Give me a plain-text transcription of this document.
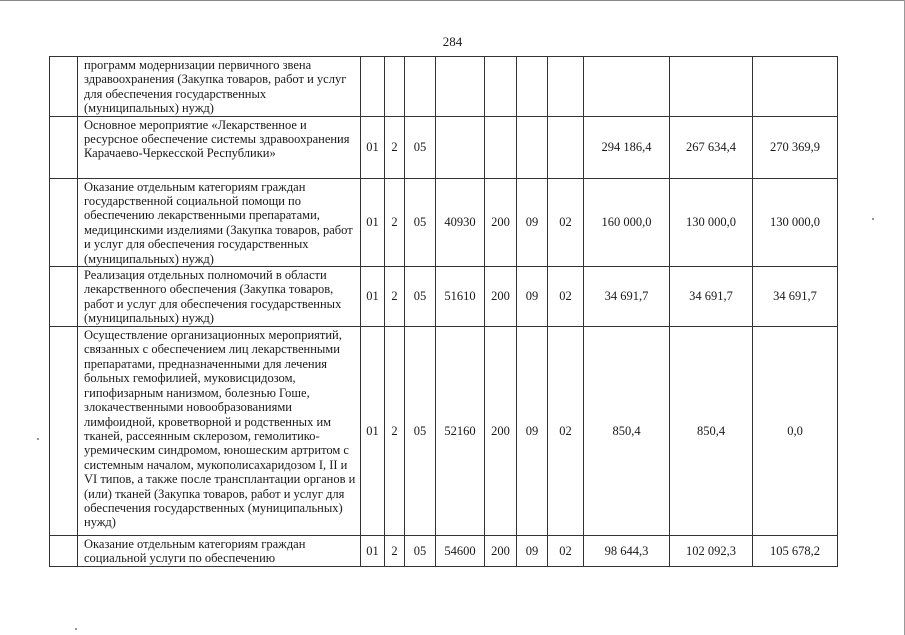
284
	программ модернизации первичного звена здравоохранения (Закупка товаров, работ и услуг для обеспечения государственных (муниципальных) нужд)										
	Основное мероприятие «Лекарственное и ресурсное обеспечение системы здравоохранения Карачаево-Черкесской Республики»	01	2	05					294 186,4	267 634,4	270 369,9
	Оказание отдельным категориям граждан государственной социальной помощи по обеспечению лекарственными препаратами, медицинскими изделиями (Закупка товаров, работ и услуг для обеспечения государственных (муниципальных) нужд)	01	2	05	40930	200	09	02	160 000,0	130 000,0	130 000,0
	Реализация отдельных полномочий в области лекарственного обеспечения (Закупка товаров, работ и услуг для обеспечения государственных (муниципальных) нужд)	01	2	05	51610	200	09	02	34 691,7	34 691,7	34 691,7
	Осуществление организационных мероприятий, связанных с обеспечением лиц лекарственными препаратами, предназначенными для лечения больных гемофилией, муковисцидозом, гипофизарным нанизмом, болезнью Гоше, злокачественными новообразованиями лимфоидной, кроветворной и родственных им тканей, рассеянным склерозом, гемолитико-уремическим синдромом, юношеским артритом с системным началом, мукополисахаридозом I, II и VI типов, а также после трансплантации органов и (или) тканей (Закупка товаров, работ и услуг для обеспечения государственных (муниципальных) нужд)	01	2	05	52160	200	09	02	850,4	850,4	0,0
	Оказание отдельным категориям граждан социальной услуги по обеспечению	01	2	05	54600	200	09	02	98 644,3	102 092,3	105 678,2
